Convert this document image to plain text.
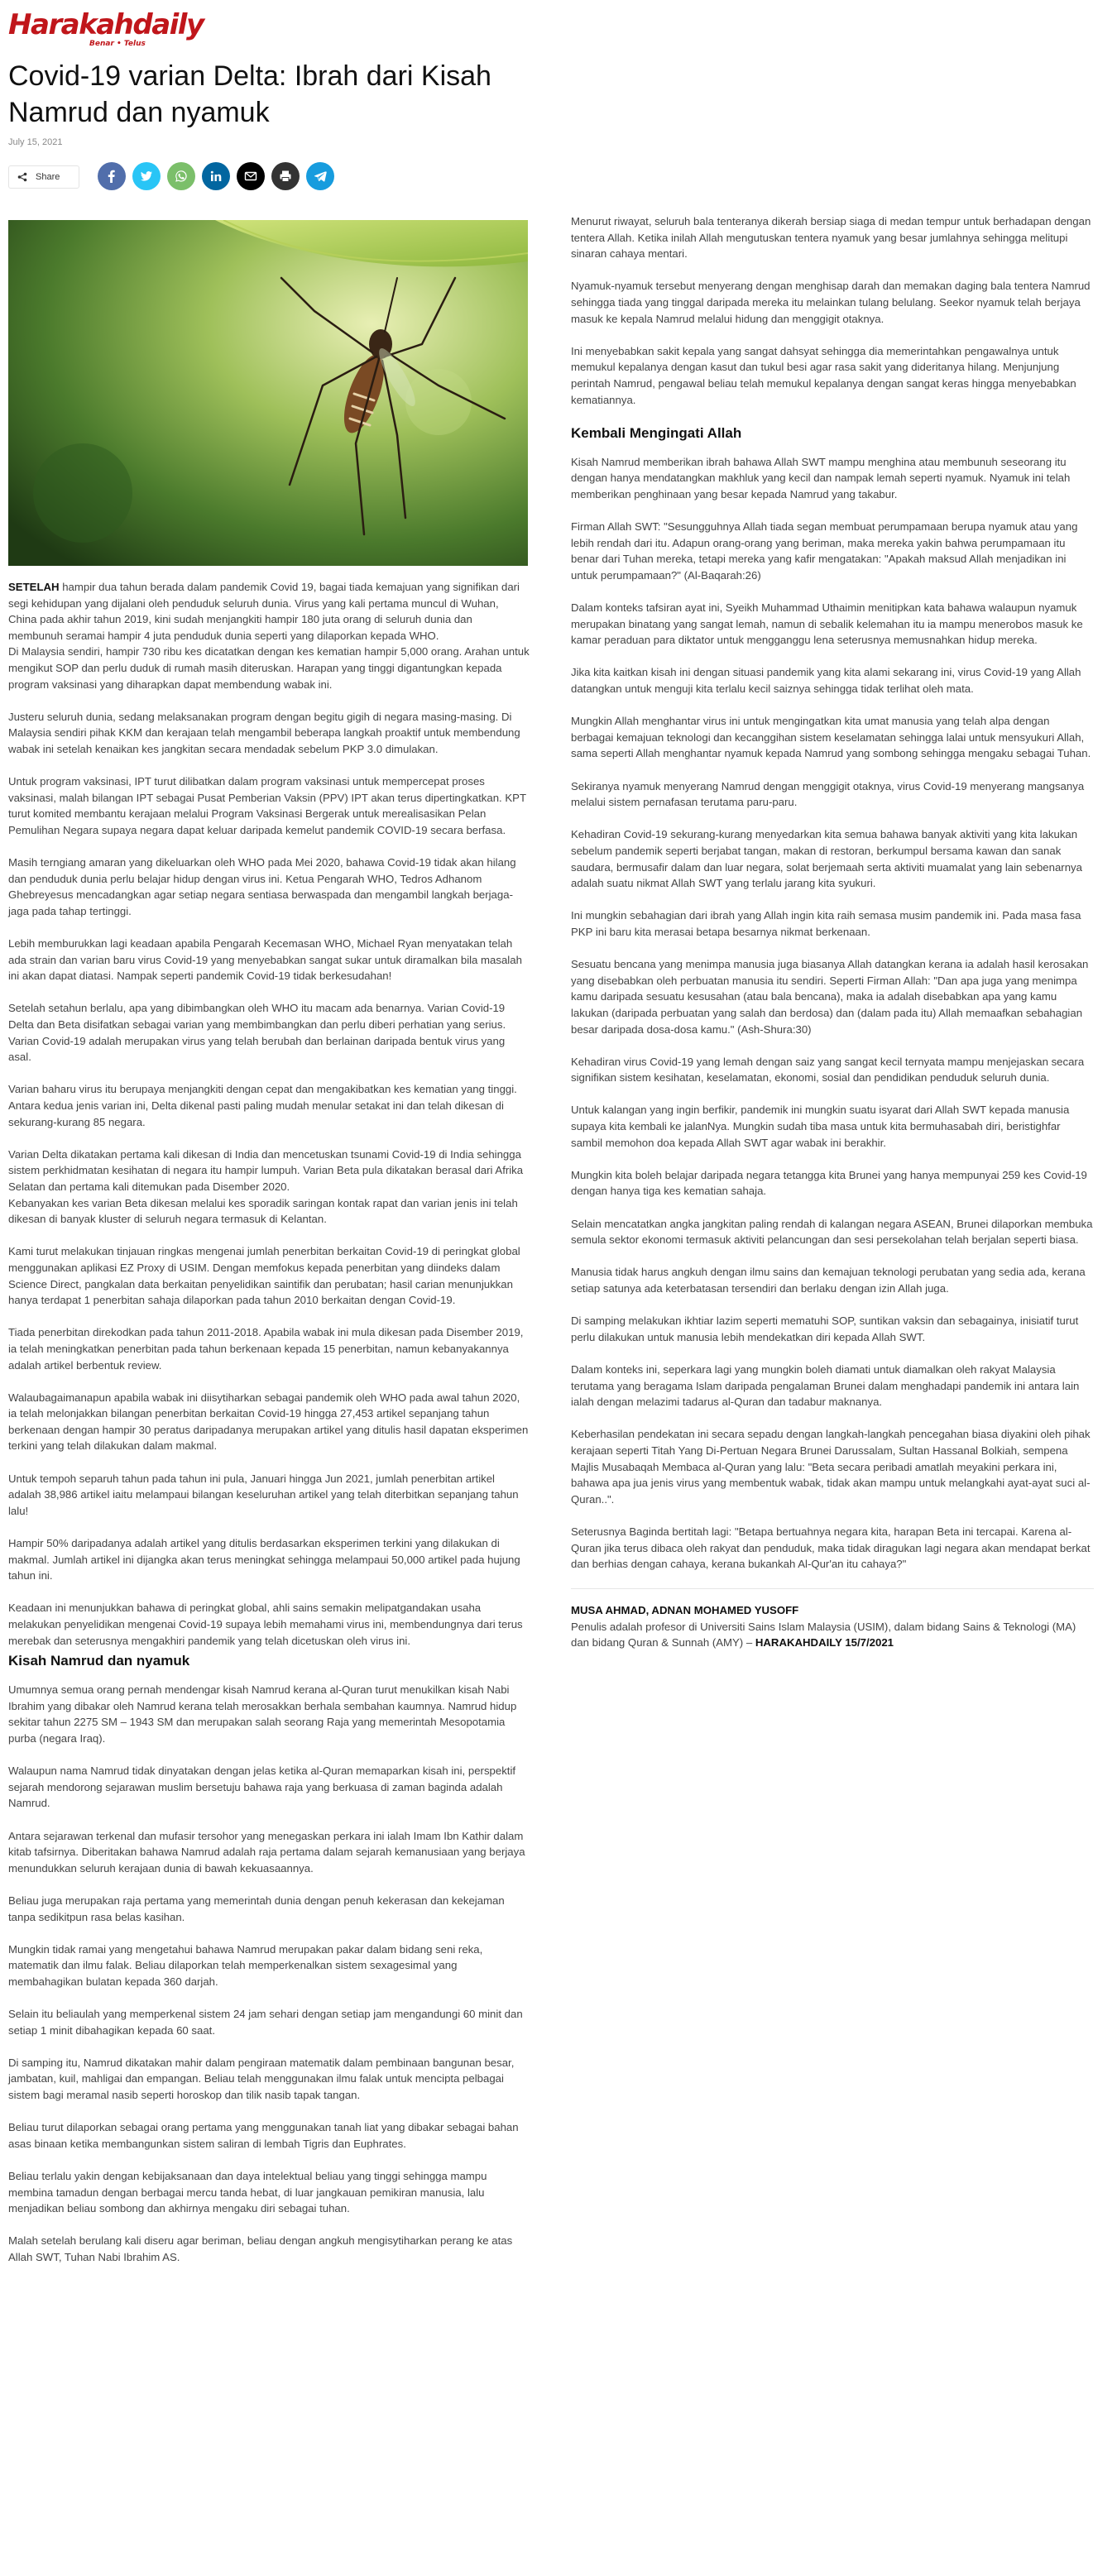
Harakahdaily
Benar • Telus
Covid-19 varian Delta: Ibrah dari Kisah Namrud dan nyamuk
July 15, 2021
Share

SETELAH hampir dua tahun berada dalam pandemik Covid 19, bagai tiada kemajuan yang signifikan dari segi kehidupan yang dijalani oleh penduduk seluruh dunia. Virus yang kali pertama muncul di Wuhan, China pada akhir tahun 2019, kini sudah menjangkiti hampir 180 juta orang di seluruh dunia dan membunuh seramai hampir 4 juta penduduk dunia seperti yang dilaporkan kepada WHO.

Di Malaysia sendiri, hampir 730 ribu kes dicatatkan dengan kes kematian hampir 5,000 orang. Arahan untuk mengikut SOP dan perlu duduk di rumah masih diteruskan. Harapan yang tinggi digantungkan kepada program vaksinasi yang diharapkan dapat membendung wabak ini.

Justeru seluruh dunia, sedang melaksanakan program dengan begitu gigih di negara masing-masing. Di Malaysia sendiri pihak KKM dan kerajaan telah mengambil beberapa langkah proaktif untuk membendung wabak ini setelah kenaikan kes jangkitan secara mendadak sebelum PKP 3.0 dimulakan.

Untuk program vaksinasi, IPT turut dilibatkan dalam program vaksinasi untuk mempercepat proses vaksinasi, malah bilangan IPT sebagai Pusat Pemberian Vaksin (PPV) IPT akan terus dipertingkatkan. KPT turut komited membantu kerajaan melalui Program Vaksinasi Bergerak untuk merealisasikan Pelan Pemulihan Negara supaya negara dapat keluar daripada kemelut pandemik COVID-19 secara berfasa.

Masih terngiang amaran yang dikeluarkan oleh WHO pada Mei 2020, bahawa Covid-19 tidak akan hilang dan penduduk dunia perlu belajar hidup dengan virus ini. Ketua Pengarah WHO, Tedros Adhanom Ghebreyesus mencadangkan agar setiap negara sentiasa berwaspada dan mengambil langkah berjaga-jaga pada tahap tertinggi.

Lebih memburukkan lagi keadaan apabila Pengarah Kecemasan WHO, Michael Ryan menyatakan telah ada strain dan varian baru virus Covid-19 yang menyebabkan sangat sukar untuk diramalkan bila masalah ini akan dapat diatasi. Nampak seperti pandemik Covid-19 tidak berkesudahan!

Setelah setahun berlalu, apa yang dibimbangkan oleh WHO itu macam ada benarnya. Varian Covid-19 Delta dan Beta disifatkan sebagai varian yang membimbangkan dan perlu diberi perhatian yang serius. Varian Covid-19 adalah merupakan virus yang telah berubah dan berlainan daripada bentuk virus yang asal.

Varian baharu virus itu berupaya menjangkiti dengan cepat dan mengakibatkan kes kematian yang tinggi. Antara kedua jenis varian ini, Delta dikenal pasti paling mudah menular setakat ini dan telah dikesan di sekurang-kurang 85 negara.

Varian Delta dikatakan pertama kali dikesan di India dan mencetuskan tsunami Covid-19 di India sehingga sistem perkhidmatan kesihatan di negara itu hampir lumpuh. Varian Beta pula dikatakan berasal dari Afrika Selatan dan pertama kali ditemukan pada Disember 2020.

Kebanyakan kes varian Beta dikesan melalui kes sporadik saringan kontak rapat dan varian jenis ini telah dikesan di banyak kluster di seluruh negara termasuk di Kelantan.

Kami turut melakukan tinjauan ringkas mengenai jumlah penerbitan berkaitan Covid-19 di peringkat global menggunakan aplikasi EZ Proxy di USIM. Dengan memfokus kepada penerbitan yang diindeks dalam Science Direct, pangkalan data berkaitan penyelidikan saintifik dan perubatan; hasil carian menunjukkan hanya terdapat 1 penerbitan sahaja dilaporkan pada tahun 2010 berkaitan dengan Covid-19.

Tiada penerbitan direkodkan pada tahun 2011-2018. Apabila wabak ini mula dikesan pada Disember 2019, ia telah meningkatkan penerbitan pada tahun berkenaan kepada 15 penerbitan, namun kebanyakannya adalah artikel berbentuk review.

Walaubagaimanapun apabila wabak ini diisytiharkan sebagai pandemik oleh WHO pada awal tahun 2020, ia telah melonjakkan bilangan penerbitan berkaitan Covid-19 hingga 27,453 artikel sepanjang tahun berkenaan dengan hampir 30 peratus daripadanya merupakan artikel yang ditulis hasil dapatan eksperimen terkini yang telah dilakukan dalam makmal.

Untuk tempoh separuh tahun pada tahun ini pula, Januari hingga Jun 2021, jumlah penerbitan artikel adalah 38,986 artikel iaitu melampaui bilangan keseluruhan artikel yang telah diterbitkan sepanjang tahun lalu!

Hampir 50% daripadanya adalah artikel yang ditulis berdasarkan eksperimen terkini yang dilakukan di makmal. Jumlah artikel ini dijangka akan terus meningkat sehingga melampaui 50,000 artikel pada hujung tahun ini.

Keadaan ini menunjukkan bahawa di peringkat global, ahli sains semakin melipatgandakan usaha melakukan penyelidikan mengenai Covid-19 supaya lebih memahami virus ini, membendungnya dari terus merebak dan seterusnya mengakhiri pandemik yang telah dicetuskan oleh virus ini.

Kisah Namrud dan nyamuk

Umumnya semua orang pernah mendengar kisah Namrud kerana al-Quran turut menukilkan kisah Nabi Ibrahim yang dibakar oleh Namrud kerana telah merosakkan berhala sembahan kaumnya. Namrud hidup sekitar tahun 2275 SM – 1943 SM dan merupakan salah seorang Raja yang memerintah Mesopotamia purba (negara Iraq).

Walaupun nama Namrud tidak dinyatakan dengan jelas ketika al-Quran memaparkan kisah ini, perspektif sejarah mendorong sejarawan muslim bersetuju bahawa raja yang berkuasa di zaman baginda adalah Namrud.

Antara sejarawan terkenal dan mufasir tersohor yang menegaskan perkara ini ialah Imam Ibn Kathir dalam kitab tafsirnya. Diberitakan bahawa Namrud adalah raja pertama dalam sejarah kemanusiaan yang berjaya menundukkan seluruh kerajaan dunia di bawah kekuasaannya.

Beliau juga merupakan raja pertama yang memerintah dunia dengan penuh kekerasan dan kekejaman tanpa sedikitpun rasa belas kasihan.

Mungkin tidak ramai yang mengetahui bahawa Namrud merupakan pakar dalam bidang seni reka, matematik dan ilmu falak. Beliau dilaporkan telah memperkenalkan sistem sexagesimal yang membahagikan bulatan kepada 360 darjah.

Selain itu beliaulah yang memperkenal sistem 24 jam sehari dengan setiap jam mengandungi 60 minit dan setiap 1 minit dibahagikan kepada 60 saat.

Di samping itu, Namrud dikatakan mahir dalam pengiraan matematik dalam pembinaan bangunan besar, jambatan, kuil, mahligai dan empangan. Beliau telah menggunakan ilmu falak untuk mencipta pelbagai sistem bagi meramal nasib seperti horoskop dan tilik nasib tapak tangan.

Beliau turut dilaporkan sebagai orang pertama yang menggunakan tanah liat yang dibakar sebagai bahan asas binaan ketika membangunkan sistem saliran di lembah Tigris dan Euphrates.

Beliau terlalu yakin dengan kebijaksanaan dan daya intelektual beliau yang tinggi sehingga mampu membina tamadun dengan berbagai mercu tanda hebat, di luar jangkauan pemikiran manusia, lalu menjadikan beliau sombong dan akhirnya mengaku diri sebagai tuhan.

Malah setelah berulang kali diseru agar beriman, beliau dengan angkuh mengisytiharkan perang ke atas Allah SWT, Tuhan Nabi Ibrahim AS.

Menurut riwayat, seluruh bala tenteranya dikerah bersiap siaga di medan tempur untuk berhadapan dengan tentera Allah. Ketika inilah Allah mengutuskan tentera nyamuk yang besar jumlahnya sehingga melitupi sinaran cahaya mentari.

Nyamuk-nyamuk tersebut menyerang dengan menghisap darah dan memakan daging bala tentera Namrud sehingga tiada yang tinggal daripada mereka itu melainkan tulang belulang. Seekor nyamuk telah berjaya masuk ke kepala Namrud melalui hidung dan menggigit otaknya.

Ini menyebabkan sakit kepala yang sangat dahsyat sehingga dia memerintahkan pengawalnya untuk memukul kepalanya dengan kasut dan tukul besi agar rasa sakit yang dideritanya hilang. Menjunjung perintah Namrud, pengawal beliau telah memukul kepalanya dengan sangat keras hingga menyebabkan kematiannya.

Kembali Mengingati Allah

Kisah Namrud memberikan ibrah bahawa Allah SWT mampu menghina atau membunuh seseorang itu dengan hanya mendatangkan makhluk yang kecil dan nampak lemah seperti nyamuk. Nyamuk ini telah memberikan penghinaan yang besar kepada Namrud yang takabur.

Firman Allah SWT: "Sesungguhnya Allah tiada segan membuat perumpamaan berupa nyamuk atau yang lebih rendah dari itu. Adapun orang-orang yang beriman, maka mereka yakin bahwa perumpamaan itu benar dari Tuhan mereka, tetapi mereka yang kafir mengatakan: "Apakah maksud Allah menjadikan ini untuk perumpamaan?" (Al-Baqarah:26)

Dalam konteks tafsiran ayat ini, Syeikh Muhammad Uthaimin menitipkan kata bahawa walaupun nyamuk merupakan binatang yang sangat lemah, namun di sebalik kelemahan itu ia mampu menerobos masuk ke kamar peraduan para diktator untuk mengganggu lena seterusnya memusnahkan hidup mereka.

Jika kita kaitkan kisah ini dengan situasi pandemik yang kita alami sekarang ini, virus Covid-19 yang Allah datangkan untuk menguji kita terlalu kecil saiznya sehingga tidak terlihat oleh mata.

Mungkin Allah menghantar virus ini untuk mengingatkan kita umat manusia yang telah alpa dengan berbagai kemajuan teknologi dan kecanggihan sistem keselamatan sehingga lalai untuk mensyukuri Allah, sama seperti Allah menghantar nyamuk kepada Namrud yang sombong sehingga mengaku sebagai Tuhan.

Sekiranya nyamuk menyerang Namrud dengan menggigit otaknya, virus Covid-19 menyerang mangsanya melalui sistem pernafasan terutama paru-paru.

Kehadiran Covid-19 sekurang-kurang menyedarkan kita semua bahawa banyak aktiviti yang kita lakukan sebelum pandemik seperti berjabat tangan, makan di restoran, berkumpul bersama kawan dan sanak saudara, bermusafir dalam dan luar negara, solat berjemaah serta aktiviti muamalat yang lain sebenarnya adalah suatu nikmat Allah SWT yang terlalu jarang kita syukuri.

Ini mungkin sebahagian dari ibrah yang Allah ingin kita raih semasa musim pandemik ini. Pada masa fasa PKP ini baru kita merasai betapa besarnya nikmat berkenaan.

Sesuatu bencana yang menimpa manusia juga biasanya Allah datangkan kerana ia adalah hasil kerosakan yang disebabkan oleh perbuatan manusia itu sendiri. Seperti Firman Allah: "Dan apa juga yang menimpa kamu daripada sesuatu kesusahan (atau bala bencana), maka ia adalah disebabkan apa yang kamu lakukan (daripada perbuatan yang salah dan berdosa) dan (dalam pada itu) Allah memaafkan sebahagian besar daripada dosa-dosa kamu." (Ash-Shura:30)

Kehadiran virus Covid-19 yang lemah dengan saiz yang sangat kecil ternyata mampu menjejaskan secara signifikan sistem kesihatan, keselamatan, ekonomi, sosial dan pendidikan penduduk seluruh dunia.

Untuk kalangan yang ingin berfikir, pandemik ini mungkin suatu isyarat dari Allah SWT kepada manusia supaya kita kembali ke jalanNya. Mungkin sudah tiba masa untuk kita bermuhasabah diri, beristighfar sambil memohon doa kepada Allah SWT agar wabak ini berakhir.

Mungkin kita boleh belajar daripada negara tetangga kita Brunei yang hanya mempunyai 259 kes Covid-19 dengan hanya tiga kes kematian sahaja.

Selain mencatatkan angka jangkitan paling rendah di kalangan negara ASEAN, Brunei dilaporkan membuka semula sektor ekonomi termasuk aktiviti pelancungan dan sesi persekolahan telah berjalan seperti biasa.

Manusia tidak harus angkuh dengan ilmu sains dan kemajuan teknologi perubatan yang sedia ada, kerana setiap satunya ada keterbatasan tersendiri dan berlaku dengan izin Allah juga.

Di samping melakukan ikhtiar lazim seperti mematuhi SOP, suntikan vaksin dan sebagainya, inisiatif turut perlu dilakukan untuk manusia lebih mendekatkan diri kepada Allah SWT.

Dalam konteks ini, seperkara lagi yang mungkin boleh diamati untuk diamalkan oleh rakyat Malaysia terutama yang beragama Islam daripada pengalaman Brunei dalam menghadapi pandemik ini antara lain ialah dengan melazimi tadarus al-Quran dan tadabur maknanya.

Keberhasilan pendekatan ini secara sepadu dengan langkah-langkah pencegahan biasa diyakini oleh pihak kerajaan seperti Titah Yang Di-Pertuan Negara Brunei Darussalam, Sultan Hassanal Bolkiah, sempena Majlis Musabaqah Membaca al-Quran yang lalu: "Beta secara peribadi amatlah meyakini perkara ini, bahawa apa jua jenis virus yang membentuk wabak, tidak akan mampu untuk melangkahi ayat-ayat suci al-Quran..".

Seterusnya Baginda bertitah lagi: "Betapa bertuahnya negara kita, harapan Beta ini tercapai. Karena al-Quran jika terus dibaca oleh rakyat dan penduduk, maka tidak diragukan lagi negara akan mendapat berkat dan berhias dengan cahaya, kerana bukankah Al-Qur'an itu cahaya?"

MUSA AHMAD, ADNAN MOHAMED YUSOFF

Penulis adalah profesor di Universiti Sains Islam Malaysia (USIM), dalam bidang Sains & Teknologi (MA) dan bidang Quran & Sunnah (AMY) – HARAKAHDAILY 15/7/2021
